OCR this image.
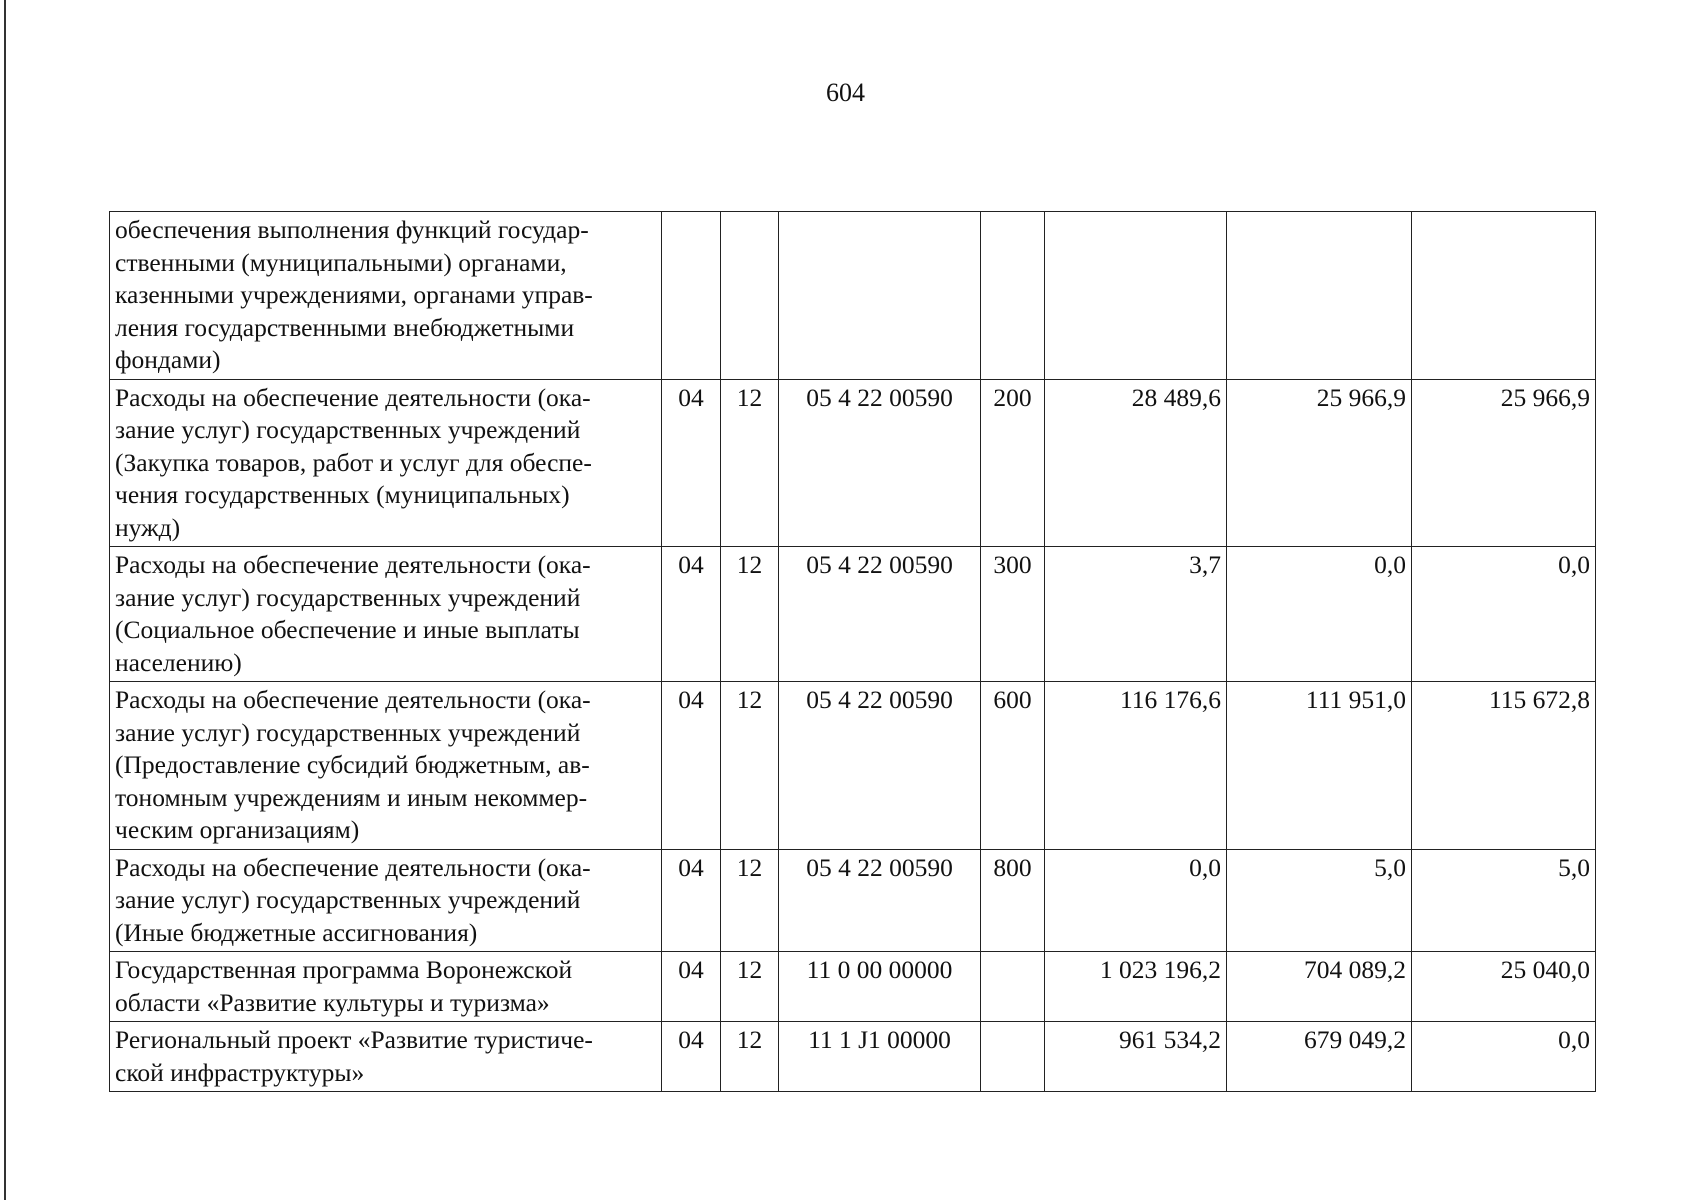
604
обеспечения выполнения функций государ-
ственными (муниципальными) органами,
казенными учреждениями, органами управ-
ления государственными внебюджетными
фондами)							

Расходы на обеспечение деятельности (ока-
зание услуг) государственных учреждений
(Закупка товаров, работ и услуг для обеспе-
чения государственных (муниципальных)
нужд)	04	12	05 4 22 00590	200	28 489,6	25 966,9	25 966,9

Расходы на обеспечение деятельности (ока-
зание услуг) государственных учреждений
(Социальное обеспечение и иные выплаты
населению)	04	12	05 4 22 00590	300	3,7	0,0	0,0

Расходы на обеспечение деятельности (ока-
зание услуг) государственных учреждений
(Предоставление субсидий бюджетным, ав-
тономным учреждениям и иным некоммер-
ческим организациям)	04	12	05 4 22 00590	600	116 176,6	111 951,0	115 672,8

Расходы на обеспечение деятельности (ока-
зание услуг) государственных учреждений
(Иные бюджетные ассигнования)	04	12	05 4 22 00590	800	0,0	5,0	5,0

Государственная программа Воронежской
области «Развитие культуры и туризма»	04	12	11 0 00 00000		1 023 196,2	704 089,2	25 040,0

Региональный проект «Развитие туристиче-
ской инфраструктуры»	04	12	11 1 J1 00000		961 534,2	679 049,2	0,0
